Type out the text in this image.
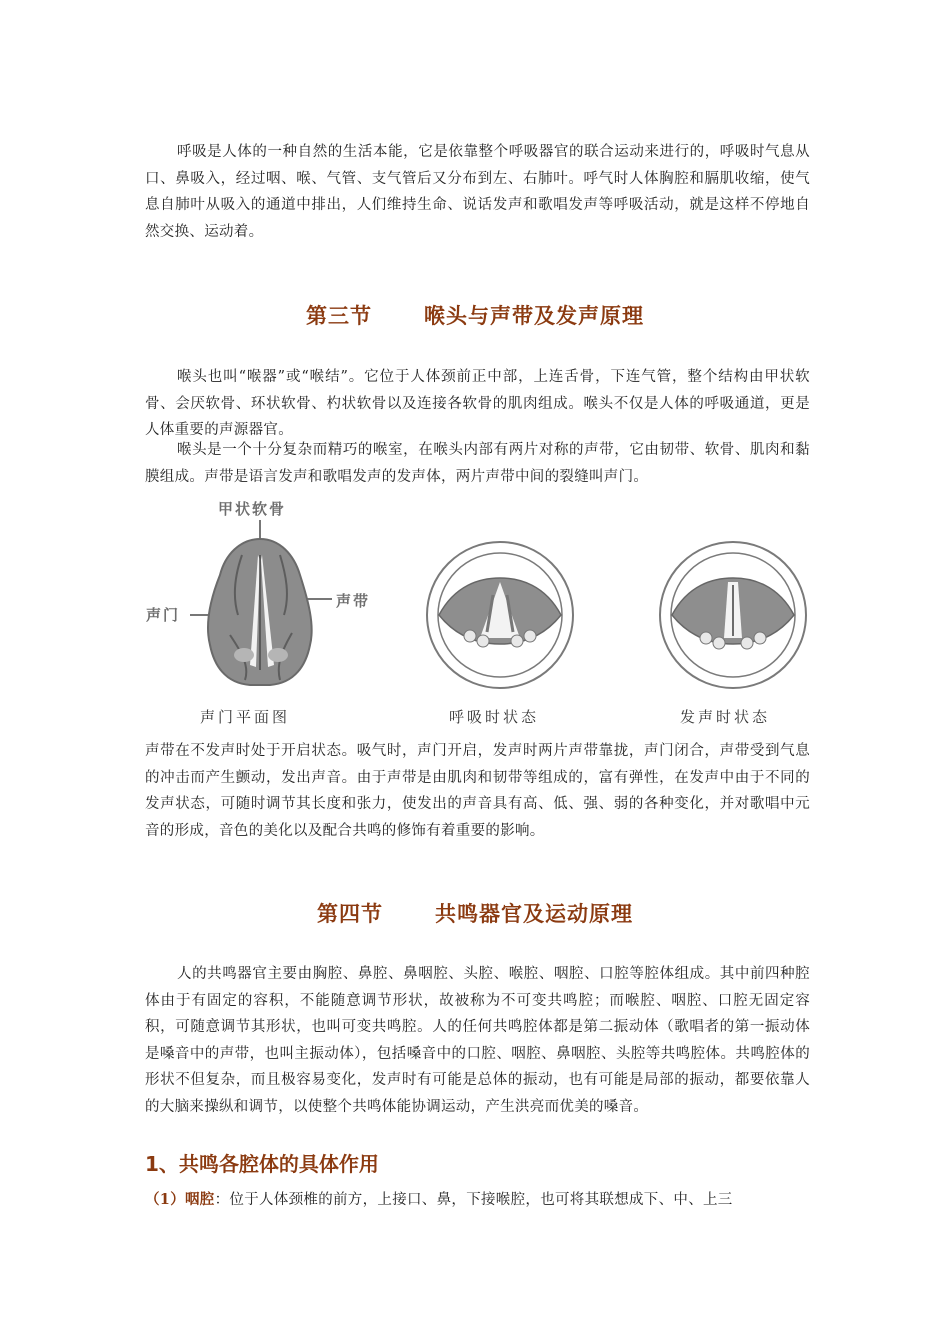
呼吸是人体的一种自然的生活本能，它是依靠整个呼吸器官的联合运动来进行的，呼吸时气息从口、鼻吸入，经过咽、喉、气管、支气管后又分布到左、右肺叶。呼气时人体胸腔和膈肌收缩，使气息自肺叶从吸入的通道中排出，人们维持生命、说话发声和歌唱发声等呼吸活动，就是这样不停地自然交换、运动着。

第三节 喉头与声带及发声原理

喉头也叫“喉器”或“喉结”。它位于人体颈前正中部，上连舌骨，下连气管，整个结构由甲状软骨、会厌软骨、环状软骨、杓状软骨以及连接各软骨的肌肉组成。喉头不仅是人体的呼吸通道，更是人体重要的声源器官。

喉头是一个十分复杂而精巧的喉室，在喉头内部有两片对称的声带，它由韧带、软骨、肌肉和黏膜组成。声带是语言发声和歌唱发声的发声体，两片声带中间的裂缝叫声门。

甲状软骨
声门
声带
声门平面图	呼吸时状态	发声时状态

声带在不发声时处于开启状态。吸气时，声门开启，发声时两片声带靠拢，声门闭合，声带受到气息的冲击而产生颤动，发出声音。由于声带是由肌肉和韧带等组成的，富有弹性，在发声中由于不同的发声状态，可随时调节其长度和张力，使发出的声音具有高、低、强、弱的各种变化，并对歌唱中元音的形成，音色的美化以及配合共鸣的修饰有着重要的影响。

第四节 共鸣器官及运动原理

人的共鸣器官主要由胸腔、鼻腔、鼻咽腔、头腔、喉腔、咽腔、口腔等腔体组成。其中前四种腔体由于有固定的容积，不能随意调节形状，故被称为不可变共鸣腔；而喉腔、咽腔、口腔无固定容积，可随意调节其形状，也叫可变共鸣腔。人的任何共鸣腔体都是第二振动体（歌唱者的第一振动体是嗓音中的声带，也叫主振动体），包括嗓音中的口腔、咽腔、鼻咽腔、头腔等共鸣腔体。共鸣腔体的形状不但复杂，而且极容易变化，发声时有可能是总体的振动，也有可能是局部的振动，都要依靠人的大脑来操纵和调节，以使整个共鸣体能协调运动，产生洪亮而优美的嗓音。

1、共鸣各腔体的具体作用

（1）咽腔：位于人体颈椎的前方，上接口、鼻，下接喉腔，也可将其联想成下、中、上三
